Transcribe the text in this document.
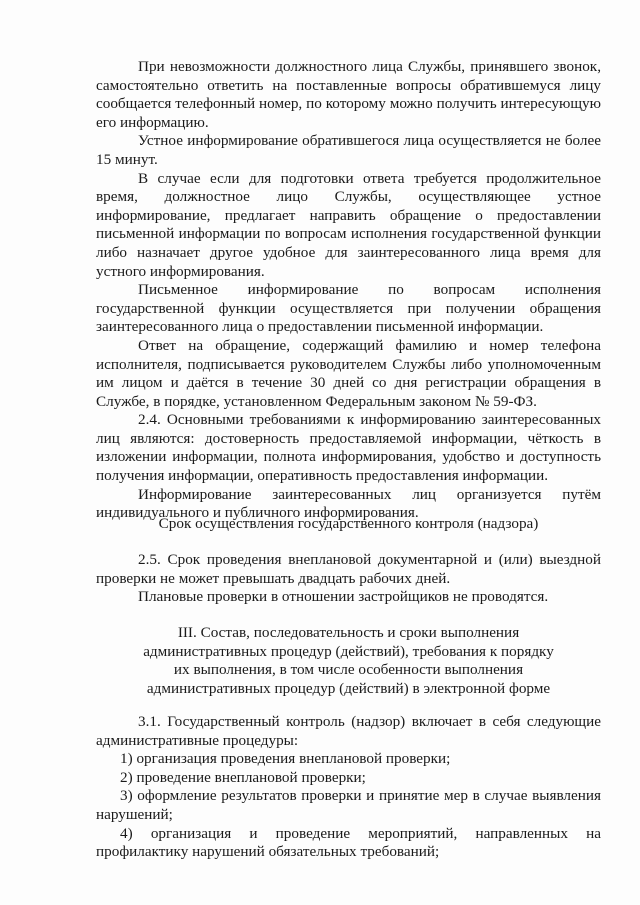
При невозможности должностного лица Службы, принявшего звонок, самостоятельно ответить на поставленные вопросы обратившемуся лицу сообщается телефонный номер, по которому можно получить интересующую его информацию.

Устное информирование обратившегося лица осуществляется не более 15 минут.

В случае если для подготовки ответа требуется продолжительное время, должностное лицо Службы, осуществляющее устное информирование, предлагает направить обращение о предоставлении письменной информации по вопросам исполнения государственной функции либо назначает другое удобное для заинтересованного лица время для устного информирования.

Письменное информирование по вопросам исполнения государственной функции осуществляется при получении обращения заинтересованного лица о предоставлении письменной информации.

Ответ на обращение, содержащий фамилию и номер телефона исполнителя, подписывается руководителем Службы либо уполномоченным им лицом и даётся в течение 30 дней со дня регистрации обращения в Службе, в порядке, установленном Федеральным законом № 59-ФЗ.

2.4. Основными требованиями к информированию заинтересованных лиц являются: достоверность предоставляемой информации, чёткость в изложении информации, полнота информирования, удобство и доступность получения информации, оперативность предоставления информации.

Информирование заинтересованных лиц организуется путём индивидуального и публичного информирования.

Срок осуществления государственного контроля (надзора)

2.5. Срок проведения внеплановой документарной и (или) выездной проверки не может превышать двадцать рабочих дней.

Плановые проверки в отношении застройщиков не проводятся.

III. Состав, последовательность и сроки выполнения

административных процедур (действий), требования к порядку

их выполнения, в том числе особенности выполнения

административных процедур (действий) в электронной форме

3.1. Государственный контроль (надзор) включает в себя следующие административные процедуры:

1) организация проведения внеплановой проверки;

2) проведение внеплановой проверки;

3) оформление результатов проверки и принятие мер в случае выявления нарушений;

4) организация и проведение мероприятий, направленных на профилактику нарушений обязательных требований;
